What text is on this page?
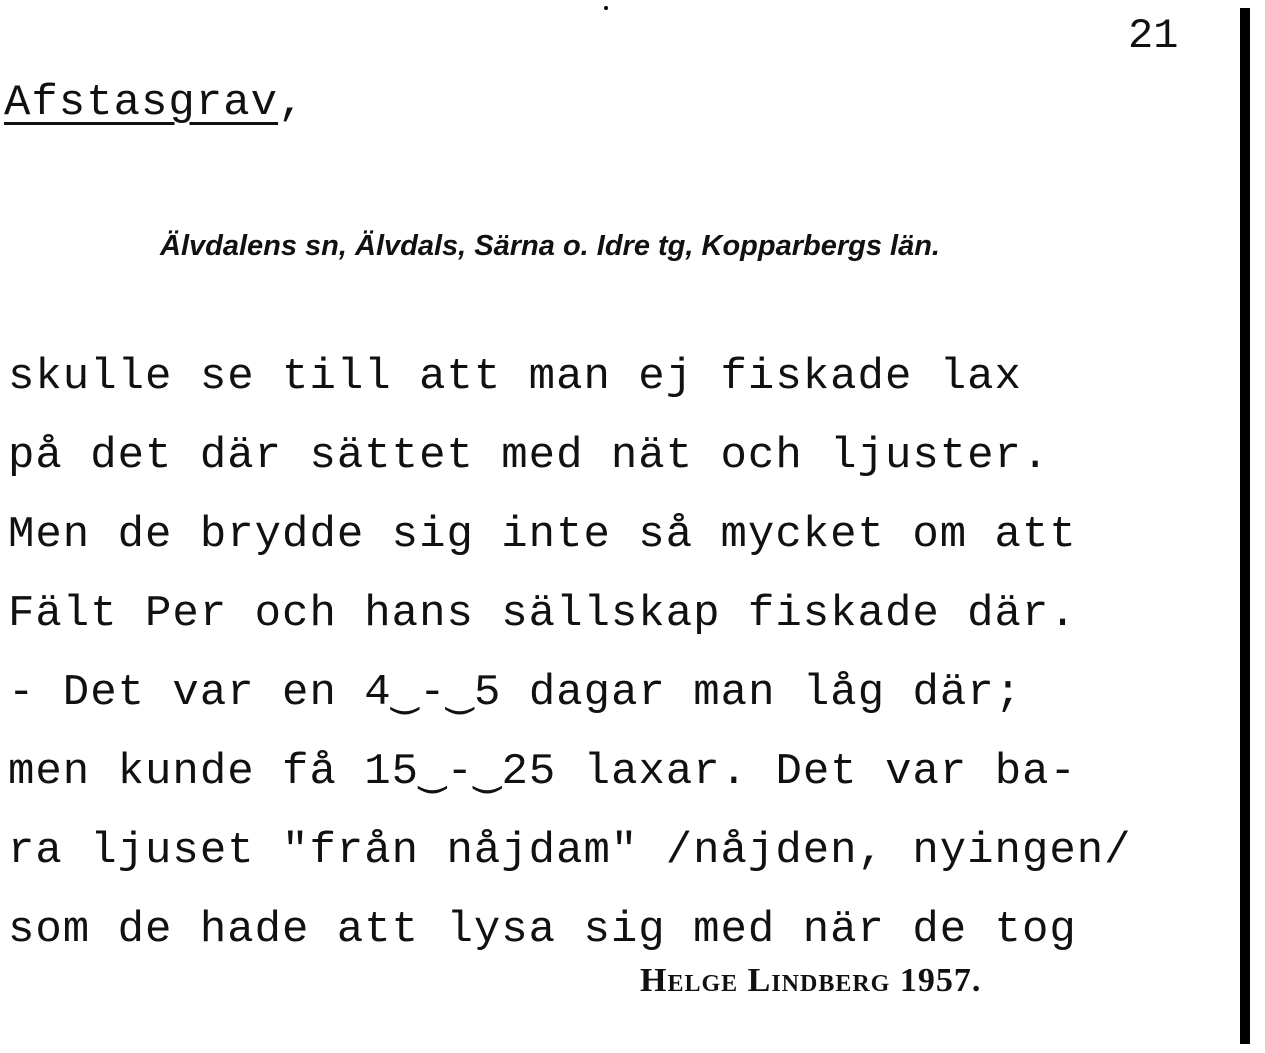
21
Afstasgrav,
Älvdalens sn, Älvdals, Särna o. Idre tg, Kopparbergs län.
skulle se till att man ej fiskade lax
på det där sättet med nät och ljuster.
Men de brydde sig inte så mycket om att
Fält Per och hans sällskap fiskade där.
- Det var en 4‿-‿5 dagar man låg där;
men kunde få 15‿-‿25 laxar. Det var ba-
ra ljuset "från nåjdam" /nåjden, nyingen/
som de hade att lysa sig med när de tog
Helge Lindberg 1957.
